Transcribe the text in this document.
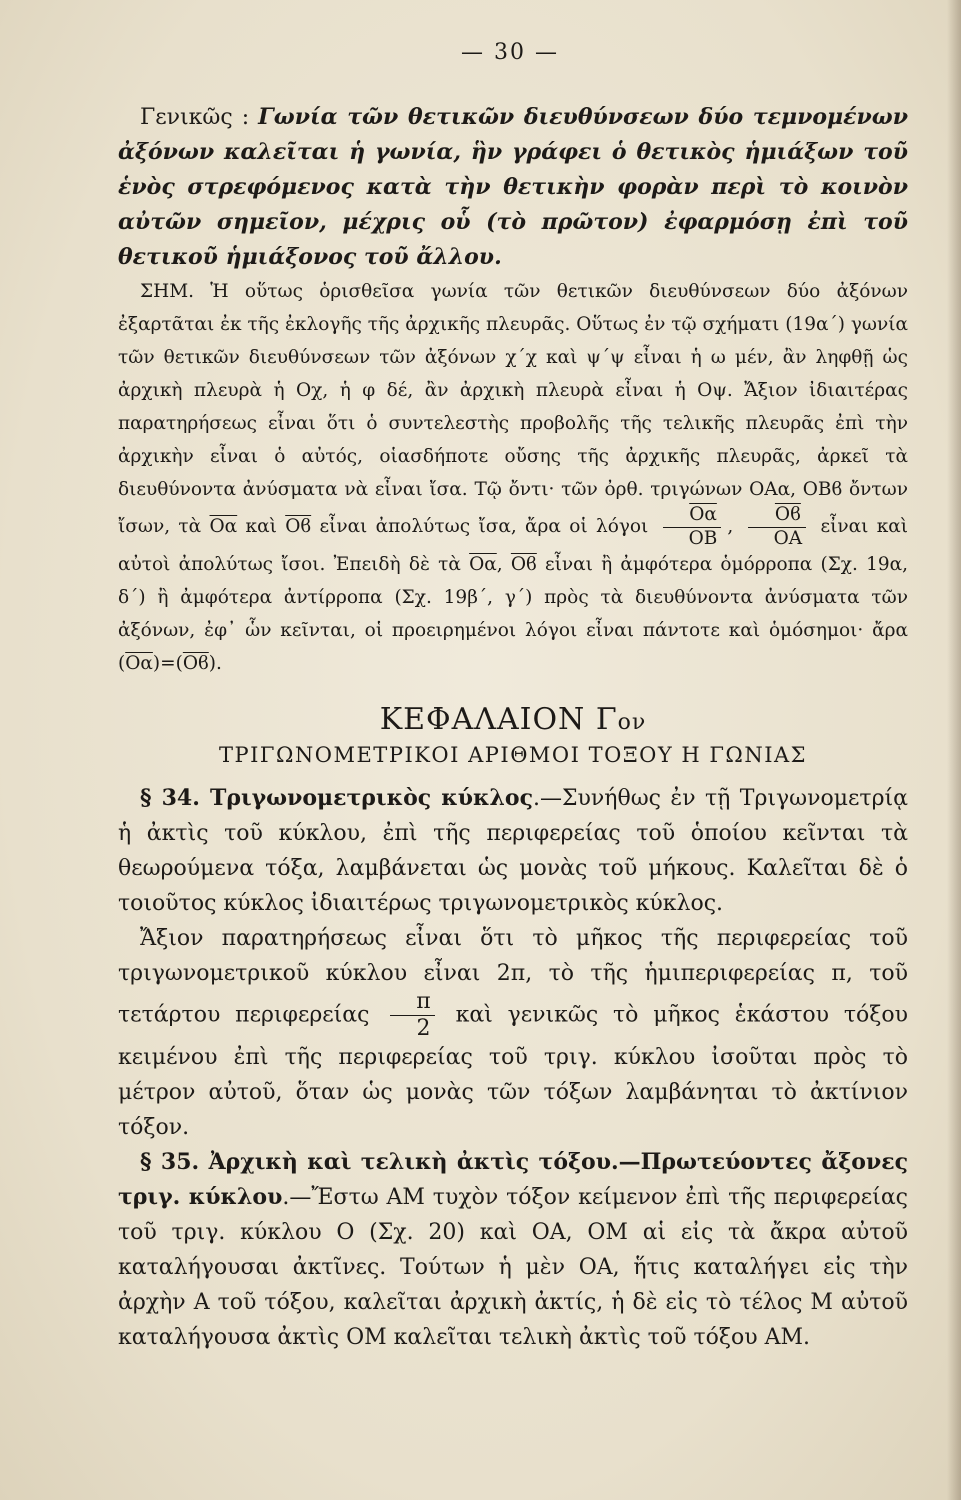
— 30 —

Γενικῶς : Γωνία τῶν θετικῶν διευθύνσεων δύο τεμνομένων ἀξόνων καλεῖται ἡ γωνία, ἣν γράφει ὁ θετικὸς ἡμιάξων τοῦ ἑνὸς στρεφόμενος κατὰ τὴν θετικὴν φορὰν περὶ τὸ κοινὸν αὐτῶν σημεῖον, μέχρις οὗ (τὸ πρῶτον) ἐφαρμόσῃ ἐπὶ τοῦ θετικοῦ ἡμιάξονος τοῦ ἄλλου.

ΣΗΜ. Ἡ οὕτως ὁρισθεῖσα γωνία τῶν θετικῶν διευθύνσεων δύο ἀξόνων ἐξαρτᾶται ἐκ τῆς ἐκλογῆς τῆς ἀρχικῆς πλευρᾶς. Οὕτως ἐν τῷ σχήματι (19α΄) γωνία τῶν θετικῶν διευθύνσεων τῶν ἀξόνων χ΄χ καὶ ψ΄ψ εἶναι ἡ ω μέν, ἂν ληφθῇ ὡς ἀρχικὴ πλευρὰ ἡ Οχ, ἡ φ δέ, ἂν ἀρχικὴ πλευρὰ εἶναι ἡ Οψ. Ἄξιον ἰδιαιτέρας παρατηρήσεως εἶναι ὅτι ὁ συντελεστὴς προβολῆς τῆς τελικῆς πλευρᾶς ἐπὶ τὴν ἀρχικὴν εἶναι ὁ αὐτός, οἱασδήποτε οὔσης τῆς ἀρχικῆς πλευρᾶς, ἀρκεῖ τὰ διευθύνοντα ἀνύσματα νὰ εἶναι ἴσα. Τῷ ὄντι· τῶν ὀρθ. τριγώνων ΟΑα, ΟΒϐ ὄντων ἴσων, τὰ $\overline{O\alpha}$ καὶ $\overline{Oϐ}$ εἶναι ἀπολύτως ἴσα, ἄρα οἱ λόγοι $\frac{\overline{O\alpha}}{OB}$ , $\frac{\overline{Oϐ}}{OA}$ εἶναι καὶ αὐτοὶ ἀπολύτως ἴσοι. Ἐπειδὴ δὲ τὰ $\overline{O\alpha}$, $\overline{Oϐ}$ εἶναι ἢ ἀμφότερα ὁμόρροπα (Σχ. 19α, δ΄) ἢ ἀμφότερα ἀντίρροπα (Σχ. 19β΄, γ΄) πρὸς τὰ διευθύνοντα ἀνύσματα τῶν ἀξόνων, ἐφ᾽ ὧν κεῖνται, οἱ προειρημένοι λόγοι εἶναι πάντοτε καὶ ὁμόσημοι· ἄρα $(\overline{O\alpha})=(\overline{Oϐ})$.

ΚΕΦΑΛΑΙΟΝ Γον
ΤΡΙΓΩΝΟΜΕΤΡΙΚΟΙ ΑΡΙΘΜΟΙ ΤΟΞΟΥ Η ΓΩΝΙΑΣ

§ 34. Τριγωνομετρικὸς κύκλος.—Συνήθως ἐν τῇ Τριγωνομετρίᾳ ἡ ἀκτὶς τοῦ κύκλου, ἐπὶ τῆς περιφερείας τοῦ ὁποίου κεῖνται τὰ θεωρούμενα τόξα, λαμβάνεται ὡς μονὰς τοῦ μήκους. Καλεῖται δὲ ὁ τοιοῦτος κύκλος ἰδιαιτέρως τριγωνομετρικὸς κύκλος.

Ἄξιον παρατηρήσεως εἶναι ὅτι τὸ μῆκος τῆς περιφερείας τοῦ τριγωνομετρικοῦ κύκλου εἶναι 2π, τὸ τῆς ἡμιπεριφερείας π, τοῦ τετάρτου περιφερείας $\frac{\pi}{2}$ καὶ γενικῶς τὸ μῆκος ἑκάστου τόξου κειμένου ἐπὶ τῆς περιφερείας τοῦ τριγ. κύκλου ἰσοῦται πρὸς τὸ μέτρον αὐτοῦ, ὅταν ὡς μονὰς τῶν τόξων λαμβάνηται τὸ ἀκτίνιον τόξον.

§ 35. Ἀρχικὴ καὶ τελικὴ ἀκτὶς τόξου.—Πρωτεύοντες ἄξονες τριγ. κύκλου.—Ἔστω ΑΜ τυχὸν τόξον κείμενον ἐπὶ τῆς περιφερείας τοῦ τριγ. κύκλου Ο (Σχ. 20) καὶ ΟΑ, ΟΜ αἱ εἰς τὰ ἄκρα αὐτοῦ καταλήγουσαι ἀκτῖνες. Τούτων ἡ μὲν ΟΑ, ἥτις καταλήγει εἰς τὴν ἀρχὴν Α τοῦ τόξου, καλεῖται ἀρχικὴ ἀκτίς, ἡ δὲ εἰς τὸ τέλος Μ αὐτοῦ καταλήγουσα ἀκτὶς ΟΜ καλεῖται τελικὴ ἀκτὶς τοῦ τόξου ΑΜ.
